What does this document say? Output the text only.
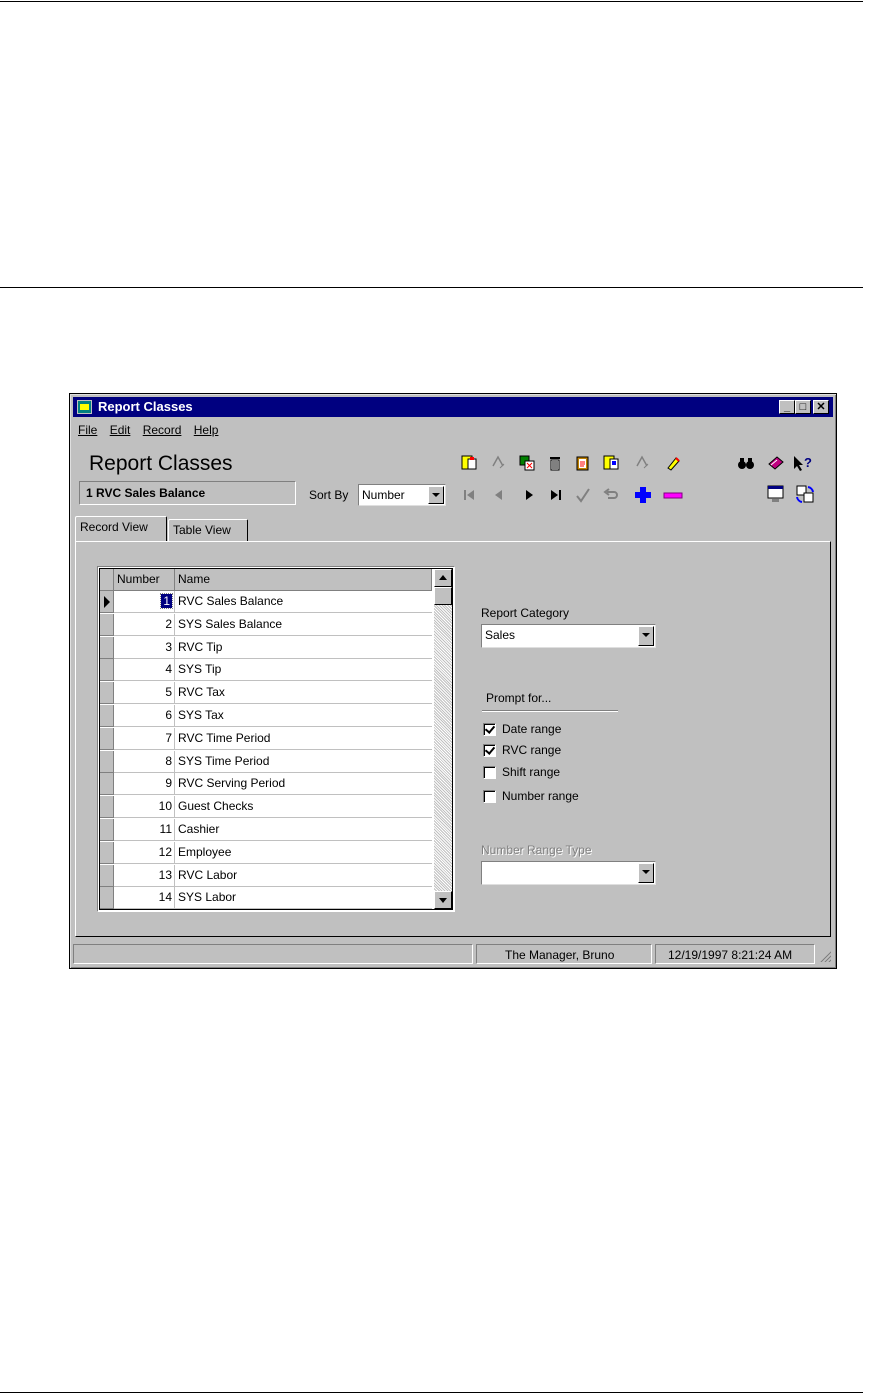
Report Classes	_ □ ✕
File Edit Record Help
Report Classes
1 RVC Sales Balance	Sort By Number
?
Record View	Table View
Number	Name
1 RVC Sales Balance
2 SYS Sales Balance
3 RVC Tip
4 SYS Tip
5 RVC Tax
6 SYS Tax
7 RVC Time Period
8 SYS Time Period
9 RVC Serving Period
10 Guest Checks
11 Cashier
12 Employee
13 RVC Labor
14 SYS Labor
Report Category
Sales
Prompt for...
Date range
RVC range
Shift range
Number range
Number Range Type
The Manager, Bruno	12/19/1997 8:21:24 AM
